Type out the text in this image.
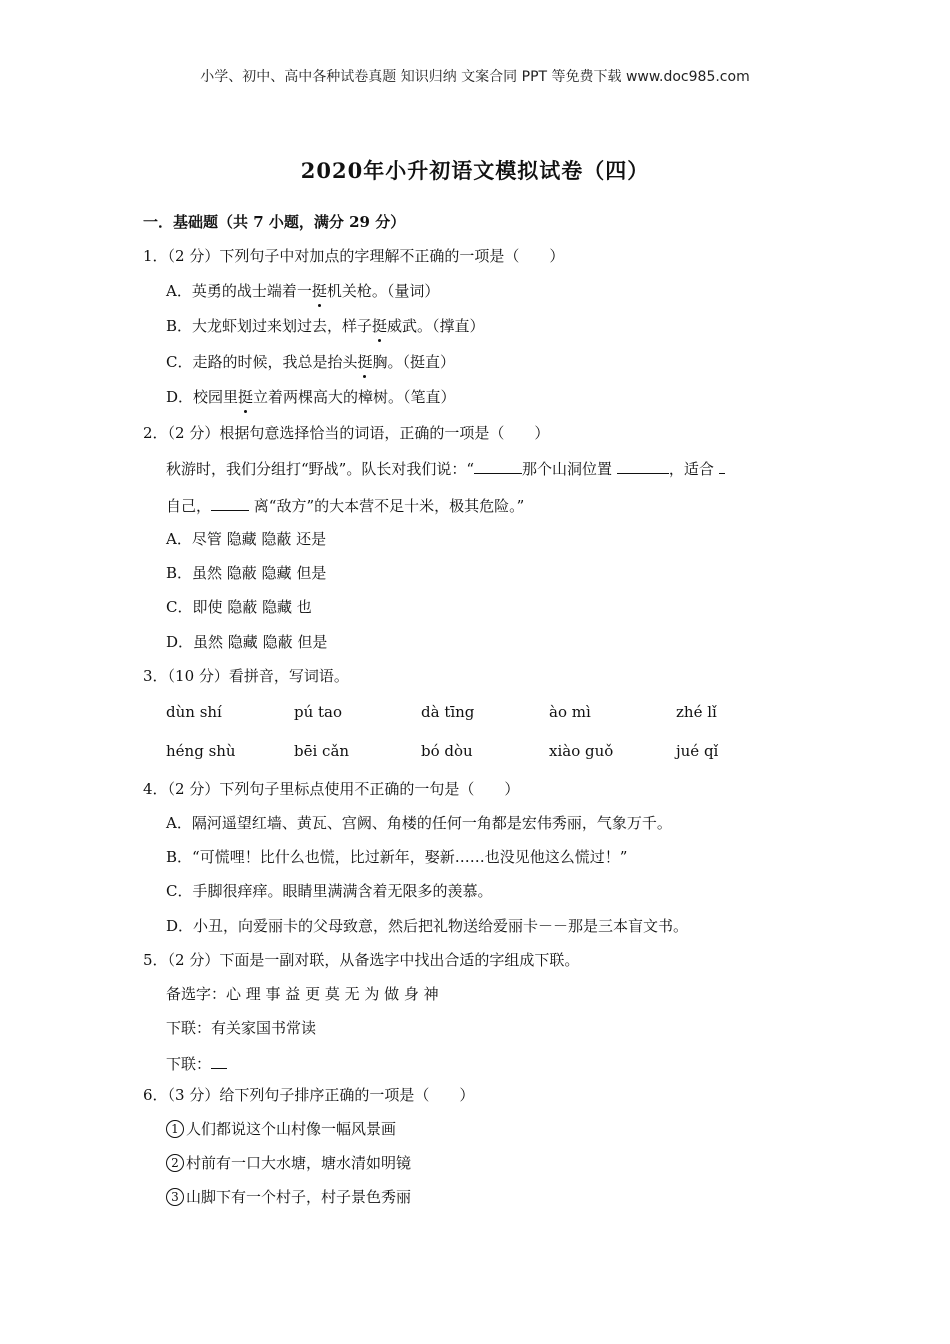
小学、初中、高中各种试卷真题 知识归纳 文案合同 PPT 等免费下载 www.doc985.com
2020年小升初语文模拟试卷（四）
一．基础题（共 7 小题，满分 29 分）
1．（2 分）下列句子中对加点的字理解不正确的一项是（　　）
A．英勇的战士端着一挺机关枪。（量词）
B．大龙虾划过来划过去，样子挺威武。（撑直）
C．走路的时候，我总是抬头挺胸。（挺直）
D．校园里挺立着两棵高大的樟树。（笔直）
2．（2 分）根据句意选择恰当的词语，正确的一项是（　　）
秋游时，我们分组打“野战”。队长对我们说：“	那个山洞位置	，适合
自己，	离“敌方”的大本营不足十米，极其危险。”
A．尽管 隐藏 隐蔽 还是
B．虽然 隐蔽 隐藏 但是
C．即使 隐蔽 隐藏 也
D．虽然 隐藏 隐蔽 但是
3．（10 分）看拼音，写词语。
dùn shí	pú tao	dà tīng	ào mì	zhé lǐ
héng shù	bēi cǎn	bó dòu	xiào guǒ	jué qǐ
4．（2 分）下列句子里标点使用不正确的一句是（　　）
A．隔河遥望红墙、黄瓦、宫阙、角楼的任何一角都是宏伟秀丽，气象万千。
B．“可慌哩！比什么也慌，比过新年，娶新……也没见他这么慌过！”
C．手脚很痒痒。眼睛里满满含着无限多的羡慕。
D．小丑，向爱丽卡的父母致意，然后把礼物送给爱丽卡－－那是三本盲文书。
5．（2 分）下面是一副对联，从备选字中找出合适的字组成下联。
备选字：心 理 事 益 更 莫 无 为 做 身 神
下联：有关家国书常读
下联：
6．（3 分）给下列句子排序正确的一项是（　　）
1 人们都说这个山村像一幅风景画
2 村前有一口大水塘，塘水清如明镜
3 山脚下有一个村子，村子景色秀丽
